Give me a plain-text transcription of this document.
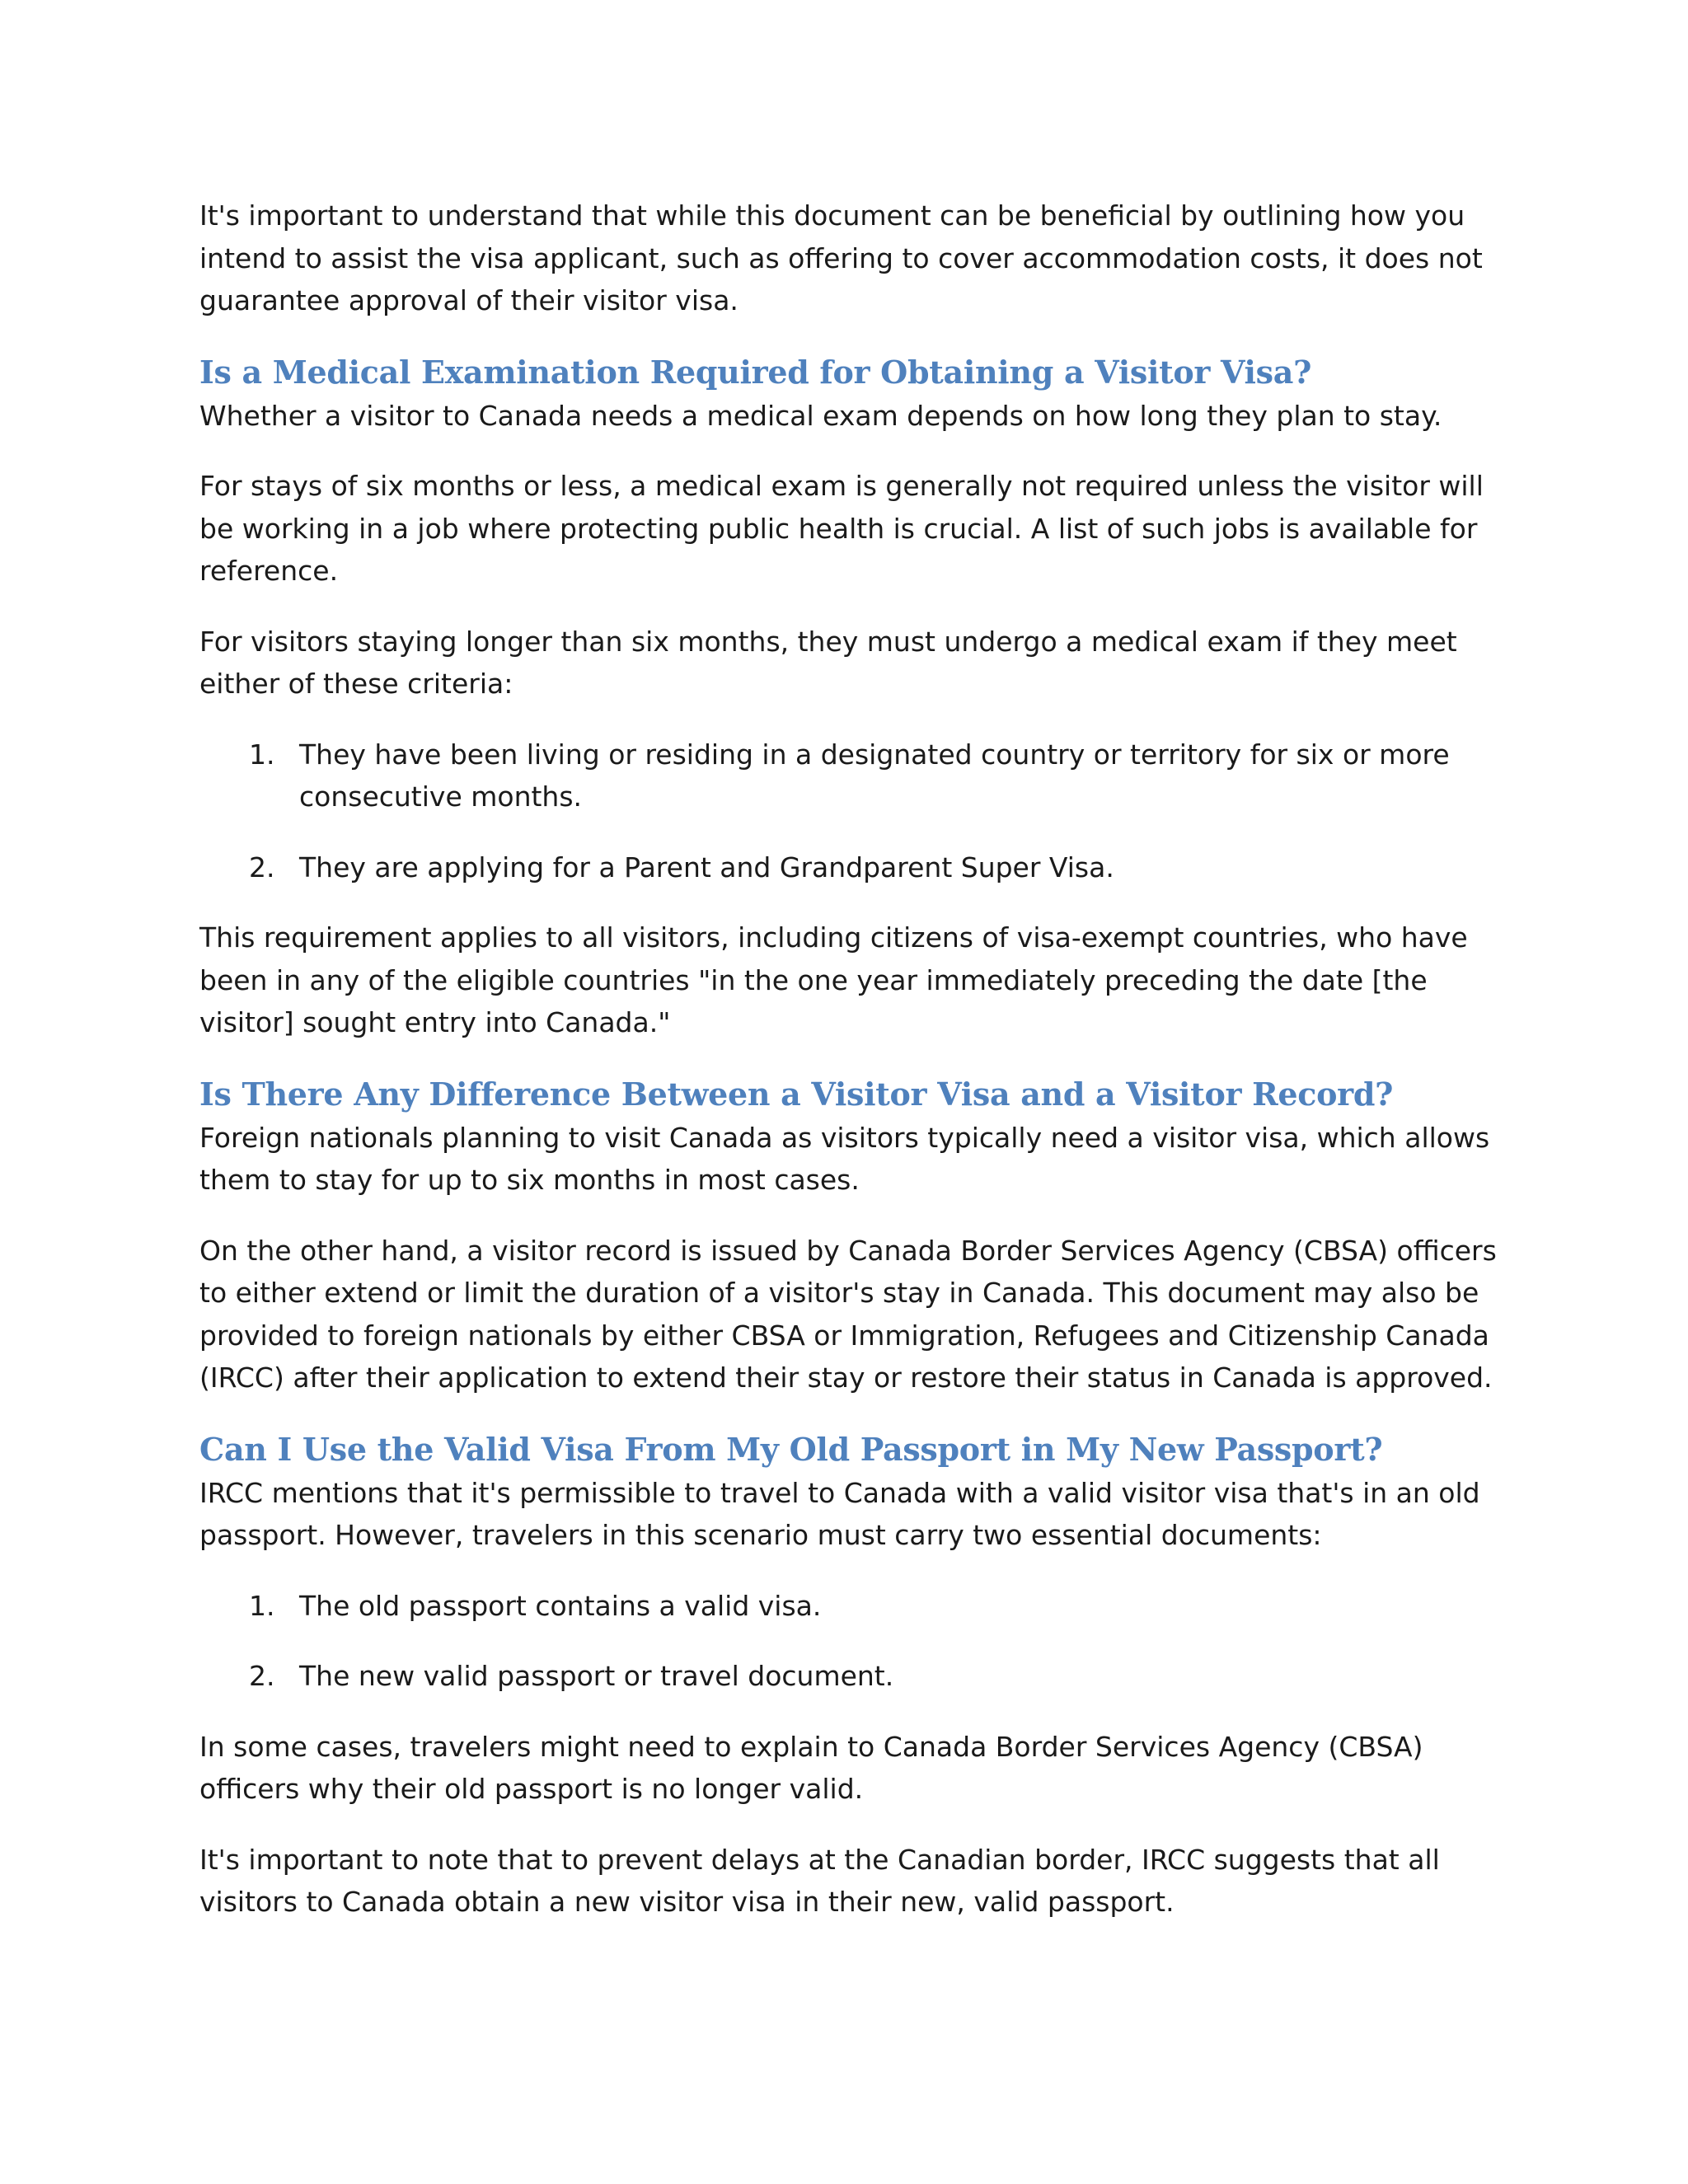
It's important to understand that while this document can be beneficial by outlining how you intend to assist the visa applicant, such as offering to cover accommodation costs, it does not guarantee approval of their visitor visa.

Is a Medical Examination Required for Obtaining a Visitor Visa?

Whether a visitor to Canada needs a medical exam depends on how long they plan to stay.

For stays of six months or less, a medical exam is generally not required unless the visitor will be working in a job where protecting public health is crucial. A list of such jobs is available for reference.

For visitors staying longer than six months, they must undergo a medical exam if they meet either of these criteria:

1. They have been living or residing in a designated country or territory for six or more consecutive months.
2. They are applying for a Parent and Grandparent Super Visa.

This requirement applies to all visitors, including citizens of visa-exempt countries, who have been in any of the eligible countries "in the one year immediately preceding the date [the visitor] sought entry into Canada."

Is There Any Difference Between a Visitor Visa and a Visitor Record?

Foreign nationals planning to visit Canada as visitors typically need a visitor visa, which allows them to stay for up to six months in most cases.

On the other hand, a visitor record is issued by Canada Border Services Agency (CBSA) officers to either extend or limit the duration of a visitor's stay in Canada. This document may also be provided to foreign nationals by either CBSA or Immigration, Refugees and Citizenship Canada (IRCC) after their application to extend their stay or restore their status in Canada is approved.

Can I Use the Valid Visa From My Old Passport in My New Passport?

IRCC mentions that it's permissible to travel to Canada with a valid visitor visa that's in an old passport. However, travelers in this scenario must carry two essential documents:

1. The old passport contains a valid visa.
2. The new valid passport or travel document.

In some cases, travelers might need to explain to Canada Border Services Agency (CBSA) officers why their old passport is no longer valid.

It's important to note that to prevent delays at the Canadian border, IRCC suggests that all visitors to Canada obtain a new visitor visa in their new, valid passport.
